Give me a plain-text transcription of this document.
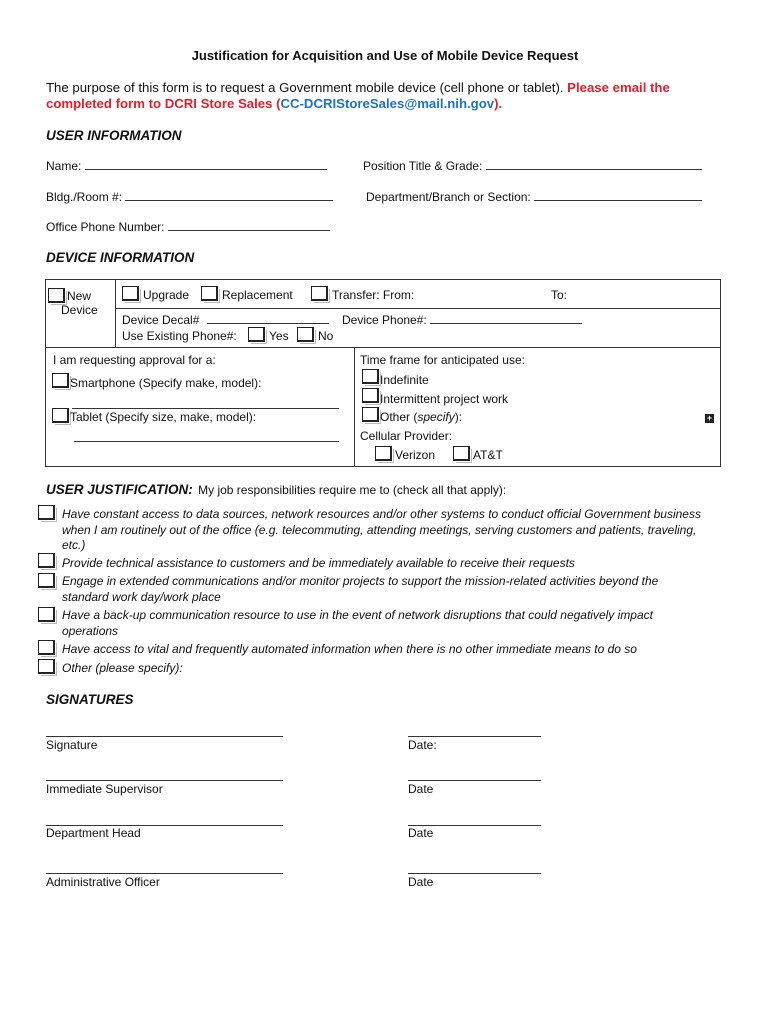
Justification for Acquisition and Use of Mobile Device Request
The purpose of this form is to request a Government mobile device (cell phone or tablet). Please email the completed form to DCRI Store Sales (CC-DCRIStoreSales@mail.nih.gov).
USER INFORMATION
Name:	Position Title & Grade:
Bldg./Room #:	Department/Branch or Section:
Office Phone Number:
DEVICE INFORMATION
New
Device
Upgrade	Replacement	Transfer: From:	To:
Device Decal#	Device Phone#:
Use Existing Phone#:	Yes No
I am requesting approval for a:
Smartphone (Specify make, model):
Tablet (Specify size, make, model):
Time frame for anticipated use:
Indefinite
Intermittent project work
Other (specify):	+
Cellular Provider:
Verizon	AT&T
USER JUSTIFICATION: My job responsibilities require me to (check all that apply):
Have constant access to data sources, network resources and/or other systems to conduct official Government business when I am routinely out of the office (e.g. telecommuting, attending meetings, serving customers and patients, traveling, etc.)
Provide technical assistance to customers and be immediately available to receive their requests
Engage in extended communications and/or monitor projects to support the mission-related activities beyond the standard work day/work place
Have a back-up communication resource to use in the event of network disruptions that could negatively impact operations
Have access to vital and frequently automated information when there is no other immediate means to do so
Other (please specify):
SIGNATURES
Signature	Date:
Immediate Supervisor	Date
Department Head	Date
Administrative Officer	Date
